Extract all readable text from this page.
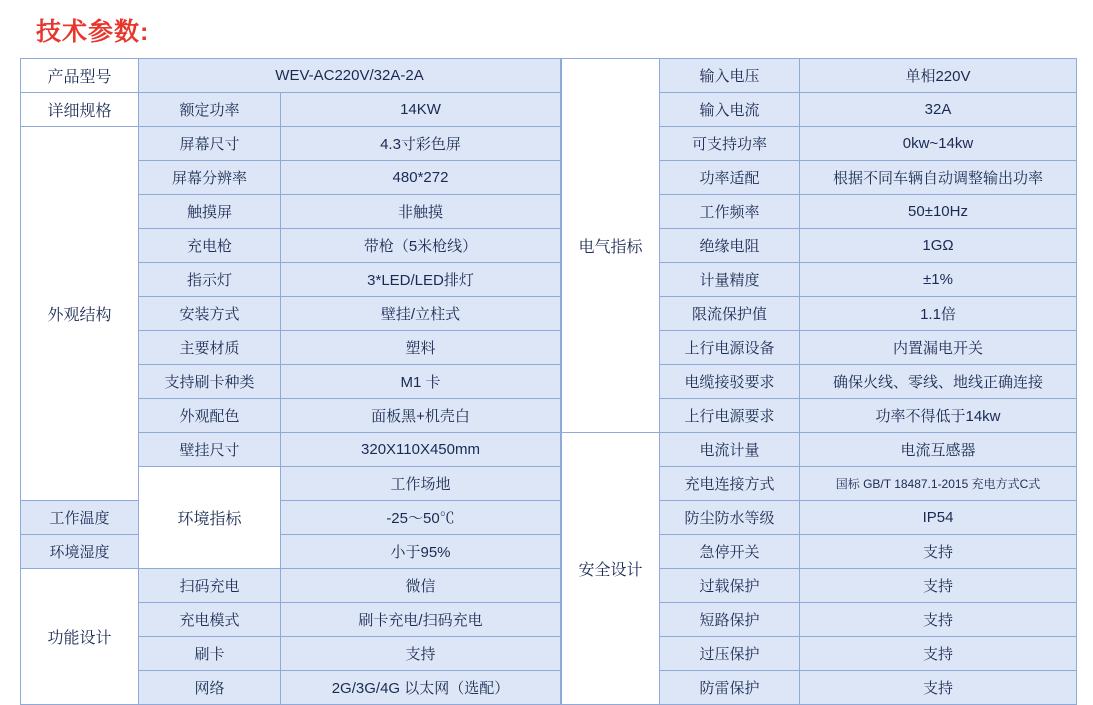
技术参数:
产品型号	WEV-AC220V/32A-2A		
详细规格	额定功率	14KW	
外观结构	屏幕尺寸	4.3寸彩色屏	
	屏幕分辨率	480*272	
	触摸屏	非触摸	
	充电枪	带枪（5米枪线）	
	指示灯	3*LED/LED排灯	
	安装方式	壁挂/立柱式	
	主要材质	塑料	
	支持刷卡种类	M1 卡	
	外观配色	面板黑+机壳白	
	壁挂尺寸	320X110X450mm	
	环境指标	工作场地	
工作温度		-25～50℃	
环境湿度		小于95%	
功能设计	扫码充电	微信	
	充电模式	刷卡充电/扫码充电	
	刷卡	支持	
	网络	2G/3G/4G 以太网（选配）	
电气指标	输入电压	单相220V
	输入电流	32A
	可支持功率	0kw~14kw
	功率适配	根据不同车辆自动调整输出功率
	工作频率	50±10Hz
	绝缘电阻	1GΩ
	计量精度	±1%
	限流保护值	1.1倍
	上行电源设备	内置漏电开关
	电缆接驳要求	确保火线、零线、地线正确连接
	上行电源要求	功率不得低于14kw
安全设计	电流计量	电流互感器
	充电连接方式	国标 GB/T 18487.1-2015 充电方式C式
	防尘防水等级	IP54
	急停开关	支持
	过载保护	支持
	短路保护	支持
	过压保护	支持
	防雷保护	支持
